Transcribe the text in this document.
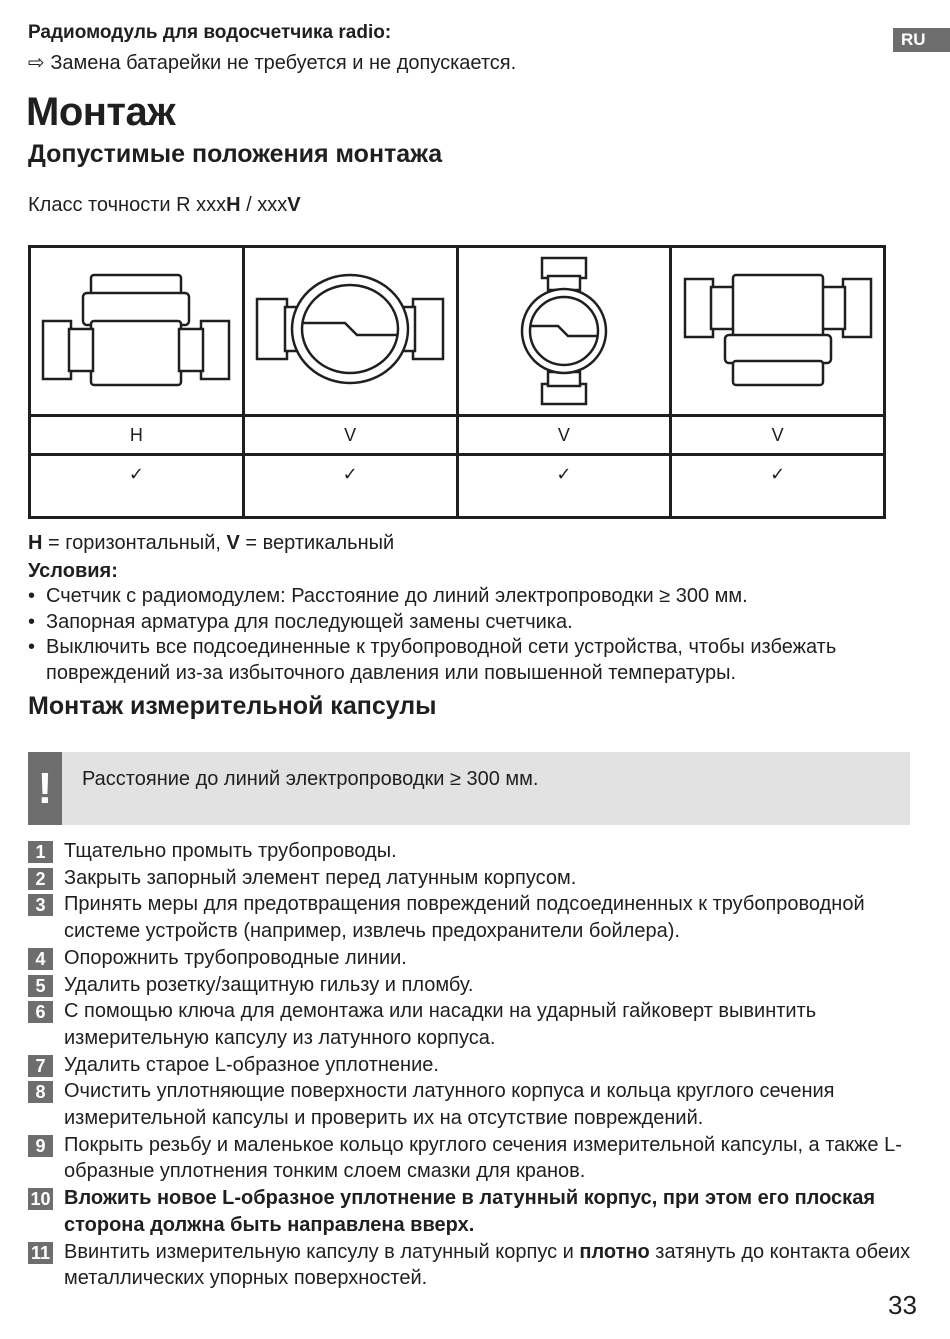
RU
Радиомодуль для водосчетчика radio:
⇨ Замена батарейки не требуется и не допускается.
Монтаж
Допустимые положения монтажа
Класс точности R xxxH / xxxV

H	V	V	V
✓	✓	✓	✓
H = горизонтальный, V = вертикальный
Условия:
• Счетчик с радиомодулем: Расстояние до линий электропроводки ≥ 300 мм.
• Запорная арматура для последующей замены счетчика.
• Выключить все подсоединенные к трубопроводной сети устройства, чтобы избежать повреждений из-за избыточного давления или повышенной температуры.
Монтаж измерительной капсулы
!	Расстояние до линий электропроводки ≥ 300 мм.
1 Тщательно промыть трубопроводы.
2 Закрыть запорный элемент перед латунным корпусом.
3 Принять меры для предотвращения повреждений подсоединенных к трубопроводной системе устройств (например, извлечь предохранители бойлера).
4 Опорожнить трубопроводные линии.
5 Удалить розетку/защитную гильзу и пломбу.
6 С помощью ключа для демонтажа или насадки на ударный гайковерт вывинтить измерительную капсулу из латунного корпуса.
7 Удалить старое L-образное уплотнение.
8 Очистить уплотняющие поверхности латунного корпуса и кольца круглого сечения измерительной капсулы и проверить их на отсутствие повреждений.
9 Покрыть резьбу и маленькое кольцо круглого сечения измерительной капсулы, а также L-образные уплотнения тонким слоем смазки для кранов.
10 Вложить новое L-образное уплотнение в латунный корпус, при этом его плоская сторона должна быть направлена вверх.
11 Ввинтить измерительную капсулу в латунный корпус и плотно затянуть до контакта обеих металлических упорных поверхностей.
33
